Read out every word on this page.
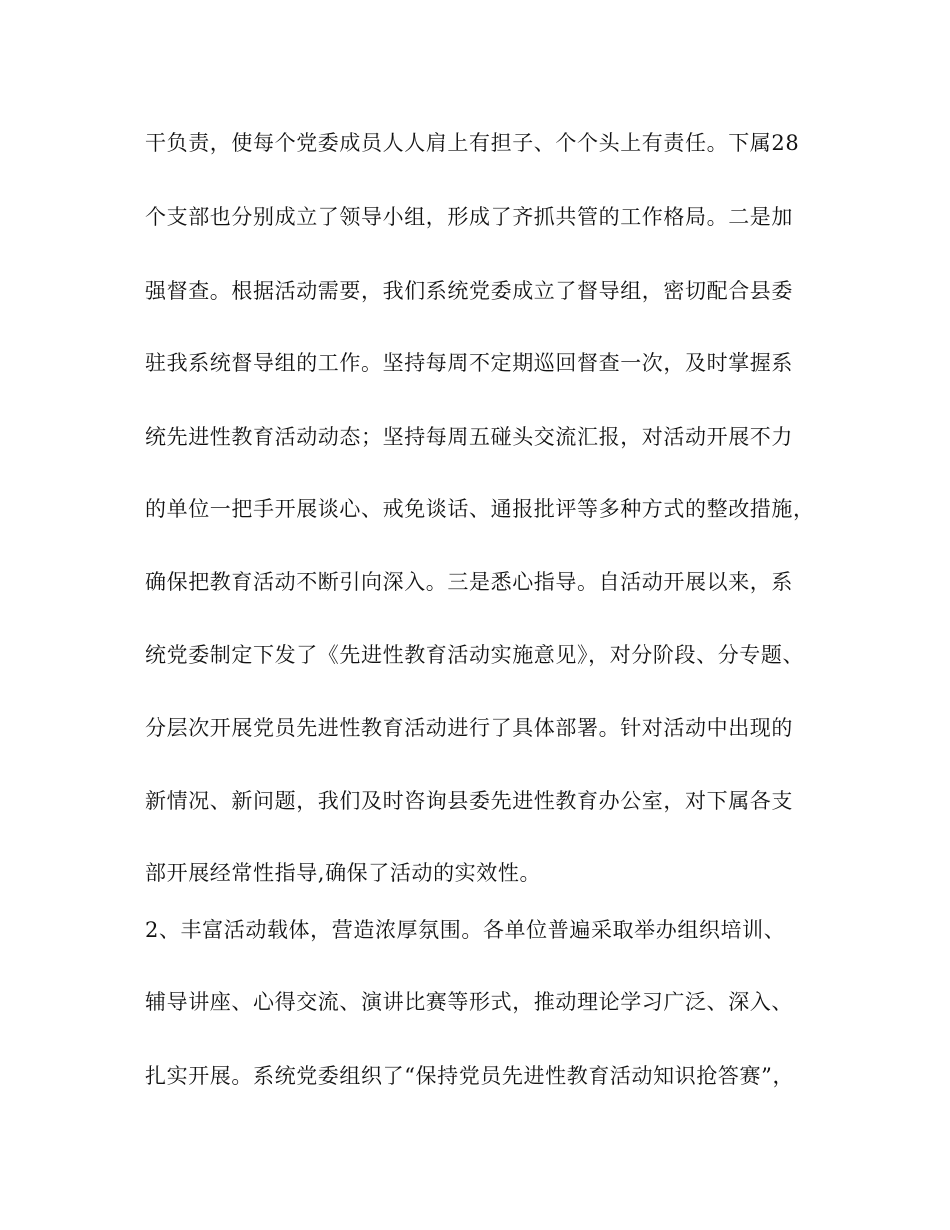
干负责，使每个党委成员人人肩上有担子、个个头上有责任。下属28
个支部也分别成立了领导小组，形成了齐抓共管的工作格局。二是加
强督查。根据活动需要，我们系统党委成立了督导组，密切配合县委
驻我系统督导组的工作。坚持每周不定期巡回督查一次，及时掌握系
统先进性教育活动动态；坚持每周五碰头交流汇报，对活动开展不力
的单位一把手开展谈心、戒免谈话、通报批评等多种方式的整改措施，
确保把教育活动不断引向深入。三是悉心指导。自活动开展以来，系
统党委制定下发了《先进性教育活动实施意见》，对分阶段、分专题、
分层次开展党员先进性教育活动进行了具体部署。针对活动中出现的
新情况、新问题，我们及时咨询县委先进性教育办公室，对下属各支
部开展经常性指导,确保了活动的实效性。
2、丰富活动载体，营造浓厚氛围。各单位普遍采取举办组织培训、
辅导讲座、心得交流、演讲比赛等形式，推动理论学习广泛、深入、
扎实开展。系统党委组织了“保持党员先进性教育活动知识抢答赛”，
